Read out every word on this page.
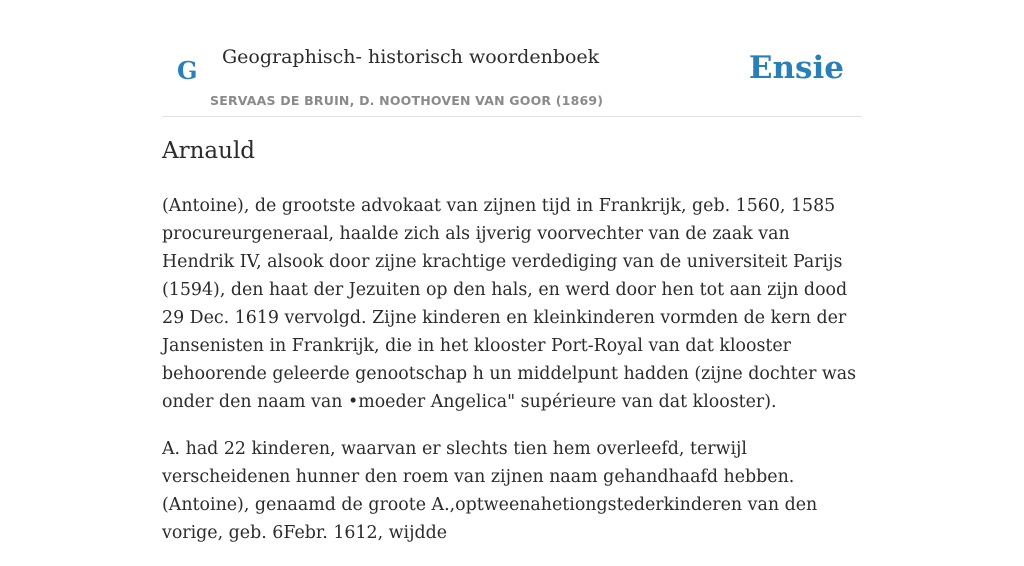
G Geographisch- historisch woordenboek
SERVAAS DE BRUIN, D. NOOTHOVEN VAN GOOR (1869)
Ensie
Arnauld

(Antoine), de grootste advokaat van zijnen tijd in Frankrijk, geb. 1560, 1585 procureurgeneraal, haalde zich als ijverig voorvechter van de zaak van Hendrik IV, alsook door zijne krachtige verdediging van de universiteit Parijs (1594), den haat der Jezuiten op den hals, en werd door hen tot aan zijn dood 29 Dec. 1619 vervolgd. Zijne kinderen en kleinkinderen vormden de kern der Jansenisten in Frankrijk, die in het klooster Port-Royal van dat klooster behoorende geleerde genootschap h un middelpunt hadden (zijne dochter was onder den naam van •moeder Angelica" supérieure van dat klooster).

A. had 22 kinderen, waarvan er slechts tien hem overleefd, terwijl verscheidenen hunner den roem van zijnen naam gehandhaafd hebben.(Antoine), genaamd de groote A.,optweenahetiongstederkinderen van den vorige, geb. 6Febr. 1612, wijdde
